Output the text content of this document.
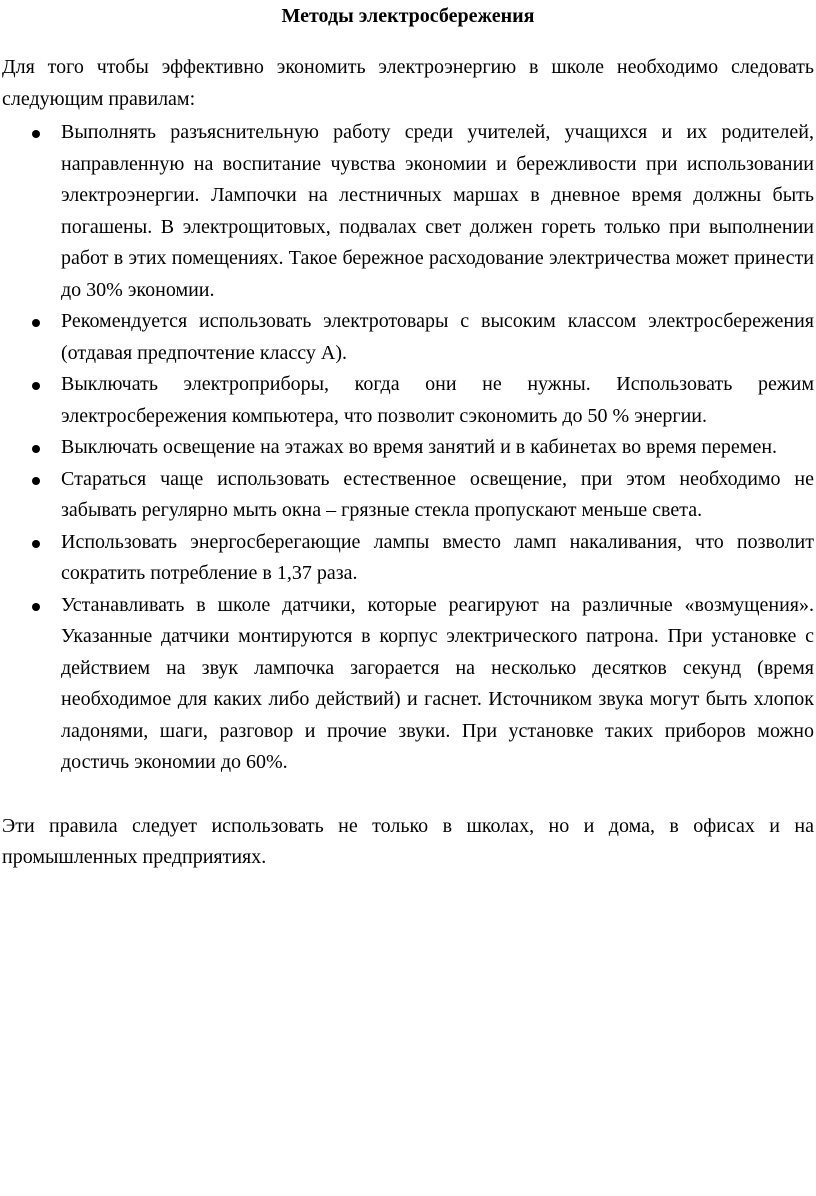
Методы электросбережения

Для того чтобы эффективно экономить электроэнергию в школе необходимо следовать следующим правилам:

Выполнять разъяснительную работу среди учителей, учащихся и их родителей, направленную на воспитание чувства экономии и бережливости при использовании электроэнергии. Лампочки на лестничных маршах в дневное время должны быть погашены. В электрощитовых, подвалах свет должен гореть только при выполнении работ в этих помещениях. Такое бережное расходование электричества может принести до 30% экономии.
Рекомендуется использовать электротовары с высоким классом электросбережения (отдавая предпочтение классу А).
Выключать электроприборы, когда они не нужны. Использовать режим электросбережения компьютера, что позволит сэкономить до 50 % энергии.
Выключать освещение на этажах во время занятий и в кабинетах во время перемен.
Стараться чаще использовать естественное освещение, при этом необходимо не забывать регулярно мыть окна – грязные стекла пропускают меньше света.
Использовать энергосберегающие лампы вместо ламп накаливания, что позволит сократить потребление в 1,37 раза.
Устанавливать в школе датчики, которые реагируют на различные «возмущения». Указанные датчики монтируются в корпус электрического патрона. При установке с действием на звук лампочка загорается на несколько десятков секунд (время необходимое для каких либо действий) и гаснет. Источником звука могут быть хлопок ладонями, шаги, разговор и прочие звуки. При установке таких приборов можно достичь экономии до 60%.

Эти правила следует использовать не только в школах, но и дома, в офисах и на промышленных предприятиях.
